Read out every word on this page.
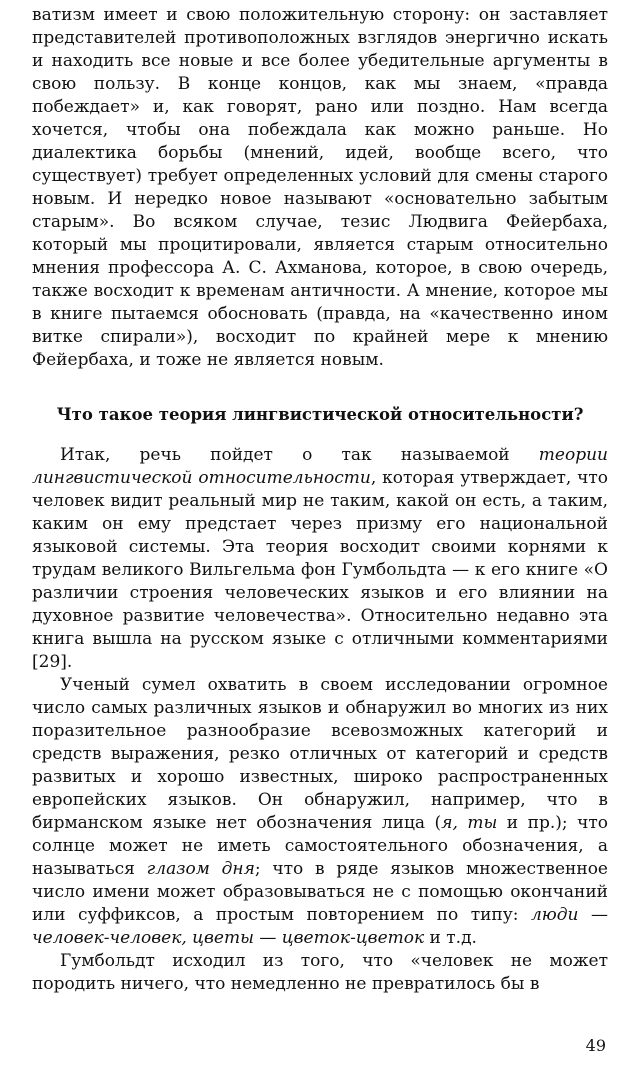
ватизм имеет и свою положительную сторону: он заставляет представителей противоположных взглядов энергично искать и находить все новые и все более убедительные аргументы в свою пользу. В конце концов, как мы знаем, «правда побеждает» и, как говорят, рано или поздно. Нам всегда хочется, чтобы она побеждала как можно раньше. Но диалектика борьбы (мнений, идей, вообще всего, что существует) требует определенных условий для смены старого новым. И нередко новое называют «основательно забытым старым». Во всяком случае, тезис Людвига Фейербаха, который мы процитировали, является старым относительно мнения профессора А. С. Ахманова, которое, в свою очередь, также восходит к временам античности. А мнение, которое мы в книге пытаемся обосновать (правда, на «качественно ином витке спирали»), восходит по крайней мере к мнению Фейербаха, и тоже не является новым.

Что такое теория лингвистической относительности?

Итак, речь пойдет о так называемой теории лингвистической относительности, которая утверждает, что человек видит реальный мир не таким, какой он есть, а таким, каким он ему предстает через призму его национальной языковой системы. Эта теория восходит своими корнями к трудам великого Вильгельма фон Гумбольдта — к его книге «О различии строения человеческих языков и его влиянии на духовное развитие человечества». Относительно недавно эта книга вышла на русском языке с отличными комментариями [29].

Ученый сумел охватить в своем исследовании огромное число самых различных языков и обнаружил во многих из них поразительное разнообразие всевозможных категорий и средств выражения, резко отличных от категорий и средств развитых и хорошо известных, широко распространенных европейских языков. Он обнаружил, например, что в бирманском языке нет обозначения лица (я, ты и пр.); что солнце может не иметь самостоятельного обозначения, а называться глазом дня; что в ряде языков множественное число имени может образовываться не с помощью окончаний или суффиксов, а простым повторением по типу: люди — человек-человек, цветы — цветок-цветок и т.д.

Гумбольдт исходил из того, что «человек не может породить ничего, что немедленно не превратилось бы в

49
